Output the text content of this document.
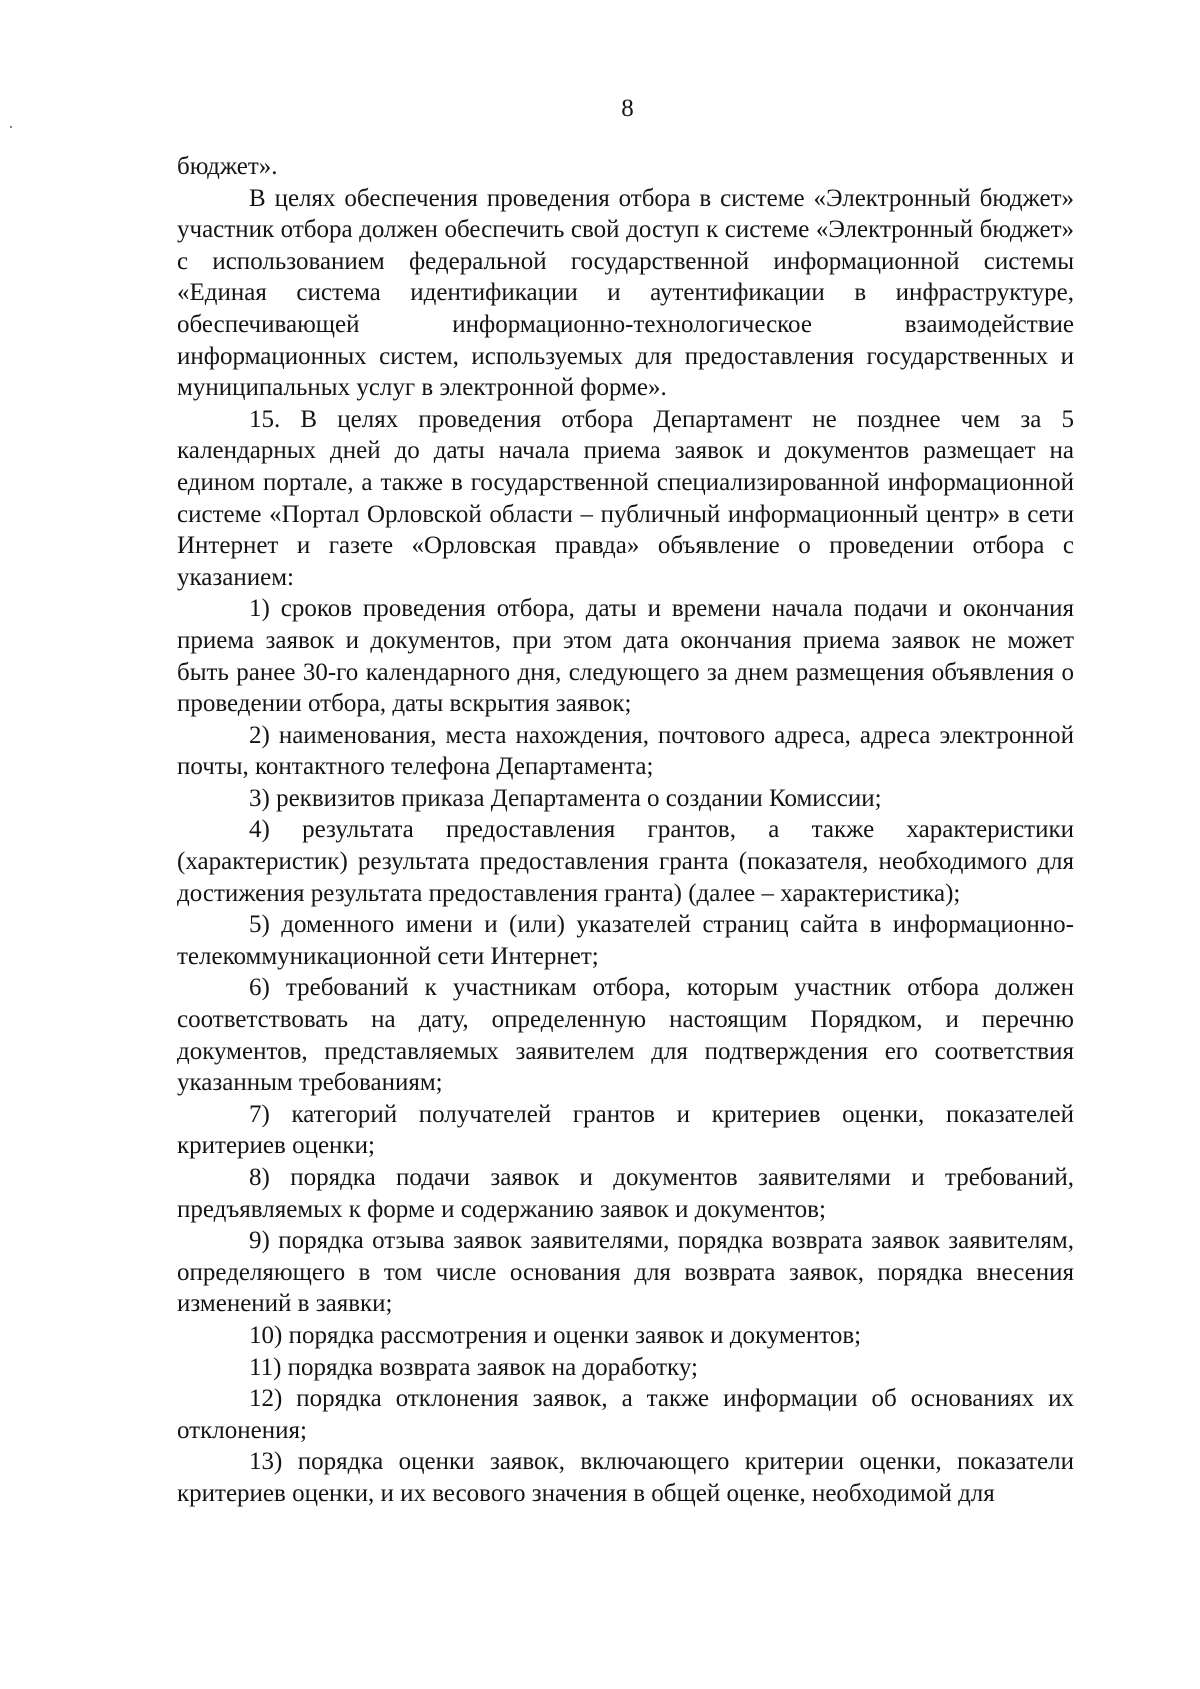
8

бюджет».

В целях обеспечения проведения отбора в системе «Электронный бюджет» участник отбора должен обеспечить свой доступ к системе «Электронный бюджет» с использованием федеральной государственной информационной системы «Единая система идентификации и аутентификации в инфраструктуре, обеспечивающей информационно-технологическое взаимодействие информационных систем, используемых для предоставления государственных и муниципальных услуг в электронной форме».

15. В целях проведения отбора Департамент не позднее чем за 5 календарных дней до даты начала приема заявок и документов размещает на едином портале, а также в государственной специализированной информационной системе «Портал Орловской области – публичный информационный центр» в сети Интернет и газете «Орловская правда» объявление о проведении отбора с указанием:

1) сроков проведения отбора, даты и времени начала подачи и окончания приема заявок и документов, при этом дата окончания приема заявок не может быть ранее 30-го календарного дня, следующего за днем размещения объявления о проведении отбора, даты вскрытия заявок;

2) наименования, места нахождения, почтового адреса, адреса электронной почты, контактного телефона Департамента;

3) реквизитов приказа Департамента о создании Комиссии;

4) результата предоставления грантов, а также характеристики (характеристик) результата предоставления гранта (показателя, необходимого для достижения результата предоставления гранта) (далее – характеристика);

5) доменного имени и (или) указателей страниц сайта в информационно-телекоммуникационной сети Интернет;

6) требований к участникам отбора, которым участник отбора должен соответствовать на дату, определенную настоящим Порядком, и перечню документов, представляемых заявителем для подтверждения его соответствия указанным требованиям;

7) категорий получателей грантов и критериев оценки, показателей критериев оценки;

8) порядка подачи заявок и документов заявителями и требований, предъявляемых к форме и содержанию заявок и документов;

9) порядка отзыва заявок заявителями, порядка возврата заявок заявителям, определяющего в том числе основания для возврата заявок, порядка внесения изменений в заявки;

10) порядка рассмотрения и оценки заявок и документов;

11) порядка возврата заявок на доработку;

12) порядка отклонения заявок, а также информации об основаниях их отклонения;

13) порядка оценки заявок, включающего критерии оценки, показатели критериев оценки, и их весового значения в общей оценке, необходимой для
